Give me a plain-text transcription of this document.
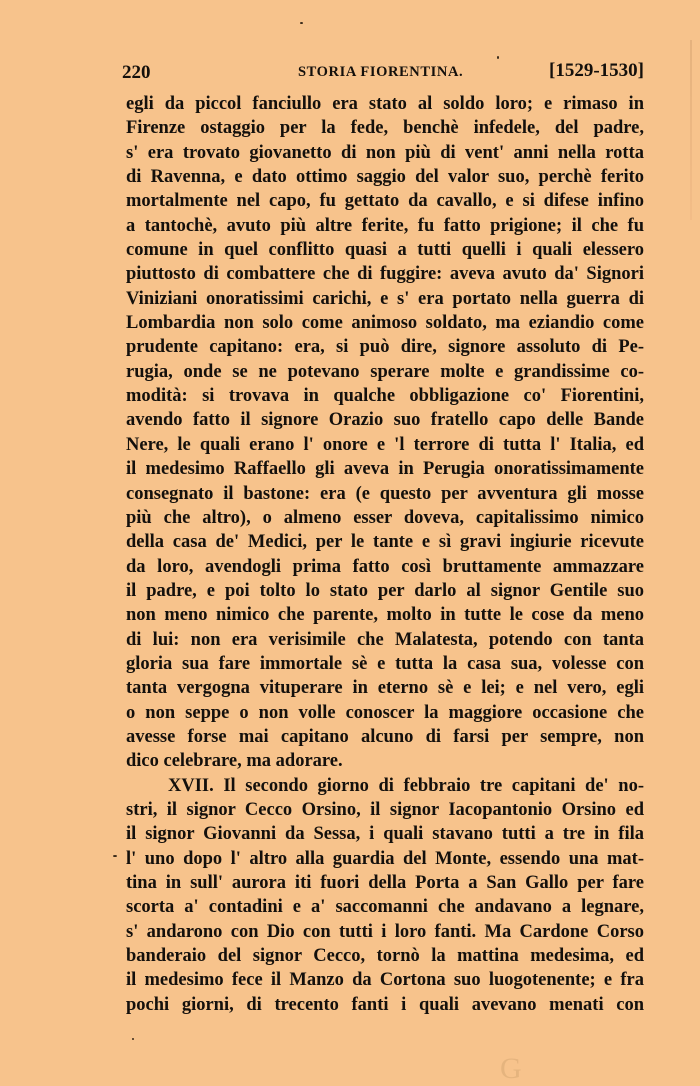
220	STORIA FIORENTINA.	[1529-1530]
egli da piccol fanciullo era stato al soldo loro; e rimaso in
Firenze ostaggio per la fede, benchè infedele, del padre,
s' era trovato giovanetto di non più di vent' anni nella rotta
di Ravenna, e dato ottimo saggio del valor suo, perchè ferito
mortalmente nel capo, fu gettato da cavallo, e si difese infino
a tantochè, avuto più altre ferite, fu fatto prigione; il che fu
comune in quel conflitto quasi a tutti quelli i quali elessero
piuttosto di combattere che di fuggire: aveva avuto da' Signori
Viniziani onoratissimi carichi, e s' era portato nella guerra di
Lombardia non solo come animoso soldato, ma eziandio come
prudente capitano: era, si può dire, signore assoluto di Pe-
rugia, onde se ne potevano sperare molte e grandissime co-
modità: si trovava in qualche obbligazione co' Fiorentini,
avendo fatto il signore Orazio suo fratello capo delle Bande
Nere, le quali erano l' onore e 'l terrore di tutta l' Italia, ed
il medesimo Raffaello gli aveva in Perugia onoratissimamente
consegnato il bastone: era (e questo per avventura gli mosse
più che altro), o almeno esser doveva, capitalissimo nimico
della casa de' Medici, per le tante e sì gravi ingiurie ricevute
da loro, avendogli prima fatto così bruttamente ammazzare
il padre, e poi tolto lo stato per darlo al signor Gentile suo
non meno nimico che parente, molto in tutte le cose da meno
di lui: non era verisimile che Malatesta, potendo con tanta
gloria sua fare immortale sè e tutta la casa sua, volesse con
tanta vergogna vituperare in eterno sè e lei; e nel vero, egli
o non seppe o non volle conoscer la maggiore occasione che
avesse forse mai capitano alcuno di farsi per sempre, non
dico celebrare, ma adorare.
XVII. Il secondo giorno di febbraio tre capitani de' no-
stri, il signor Cecco Orsino, il signor Iacopantonio Orsino ed
il signor Giovanni da Sessa, i quali stavano tutti a tre in fila
l' uno dopo l' altro alla guardia del Monte, essendo una mat-
tina in sull' aurora iti fuori della Porta a San Gallo per fare
scorta a' contadini e a' saccomanni che andavano a legnare,
s' andarono con Dio con tutti i loro fanti. Ma Cardone Corso
banderaio del signor Cecco, tornò la mattina medesima, ed
il medesimo fece il Manzo da Cortona suo luogotenente; e fra
pochi giorni, di trecento fanti i quali avevano menati con
G
